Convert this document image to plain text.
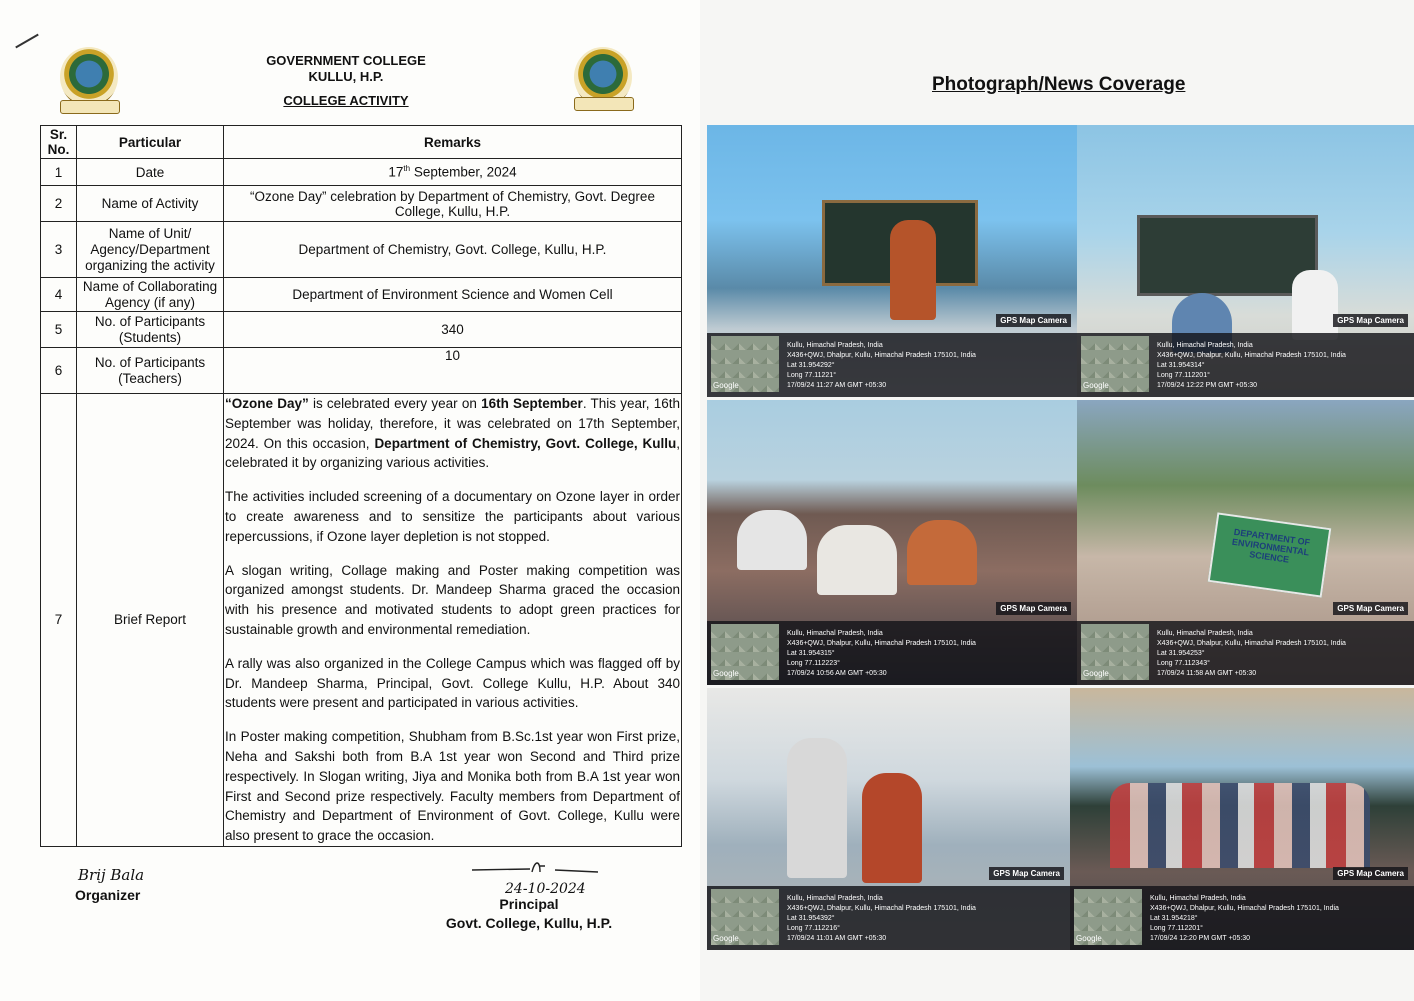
GOVERNMENT COLLEGE
KULLU, H.P.
COLLEGE ACTIVITY
Sr. No.	Particular	Remarks
1	Date	17th September, 2024
2	Name of Activity	“Ozone Day” celebration by Department of Chemistry, Govt. Degree College, Kullu, H.P.
3	Name of Unit/ Agency/Department organizing the activity	Department of Chemistry, Govt. College, Kullu, H.P.
4	Name of Collaborating Agency (if any)	Department of Environment Science and Women Cell
5	No. of Participants (Students)	340
6	No. of Participants (Teachers)	10
7	Brief Report	“Ozone Day” is celebrated every year on 16th September. This year, 16th September was holiday, therefore, it was celebrated on 17th September, 2024. On this occasion, Department of Chemistry, Govt. College, Kullu, celebrated it by organizing various activities.

The activities included screening of a documentary on Ozone layer in order to create awareness and to sensitize the participants about various repercussions, if Ozone layer depletion is not stopped.

A slogan writing, Collage making and Poster making competition was organized amongst students. Dr. Mandeep Sharma graced the occasion with his presence and motivated students to adopt green practices for sustainable growth and environmental remediation.

A rally was also organized in the College Campus which was flagged off by Dr. Mandeep Sharma, Principal, Govt. College Kullu, H.P. About 340 students were present and participated in various activities.

In Poster making competition, Shubham from B.Sc.1st year won First prize, Neha and Sakshi both from B.A 1st year won Second and Third prize respectively. In Slogan writing, Jiya and Monika both from B.A 1st year won First and Second prize respectively. Faculty members from Department of Chemistry and Department of Environment of Govt. College, Kullu were also present to grace the occasion.

Brij Bala
Organizer	24-10-2024
Principal
Govt. College, Kullu, H.P.
Photograph/News Coverage
GPS Map Camera
Google
Kullu, Himachal Pradesh, India
X436+QWJ, Dhalpur, Kullu, Himachal Pradesh 175101, India
Lat 31.954292°
Long 77.11221°
17/09/24 11:27 AM GMT +05:30
GPS Map Camera
Google
Kullu, Himachal Pradesh, India
X436+QWJ, Dhalpur, Kullu, Himachal Pradesh 175101, India
Lat 31.954314°
Long 77.112201°
17/09/24 12:22 PM GMT +05:30
GPS Map Camera
Google
Kullu, Himachal Pradesh, India
X436+QWJ, Dhalpur, Kullu, Himachal Pradesh 175101, India
Lat 31.954315°
Long 77.112223°
17/09/24 10:56 AM GMT +05:30
DEPARTMENT OF ENVIRONMENTAL SCIENCE
GPS Map Camera
Google
Kullu, Himachal Pradesh, India
X436+QWJ, Dhalpur, Kullu, Himachal Pradesh 175101, India
Lat 31.954253°
Long 77.112343°
17/09/24 11:58 AM GMT +05:30
GPS Map Camera
Google
Kullu, Himachal Pradesh, India
X436+QWJ, Dhalpur, Kullu, Himachal Pradesh 175101, India
Lat 31.954392°
Long 77.112216°
17/09/24 11:01 AM GMT +05:30
GPS Map Camera
Google
Kullu, Himachal Pradesh, India
X436+QWJ, Dhalpur, Kullu, Himachal Pradesh 175101, India
Lat 31.954218°
Long 77.112201°
17/09/24 12:20 PM GMT +05:30
